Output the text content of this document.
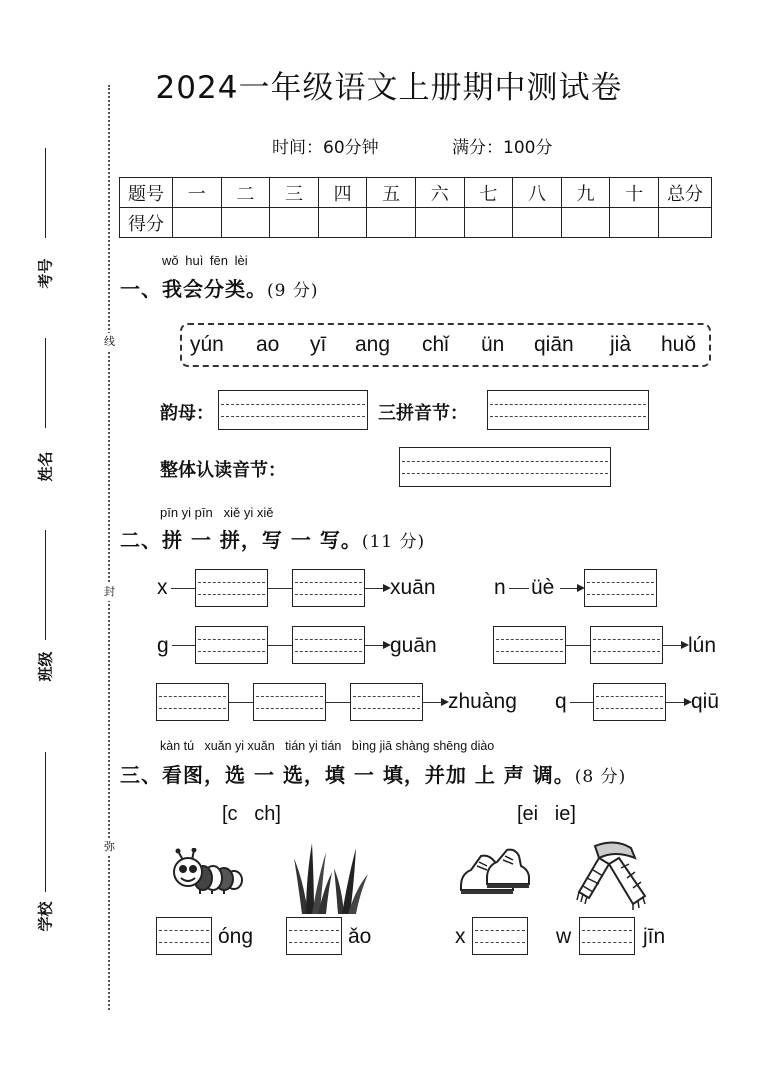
线
封
弥
考号
姓名
班级
学校
2024一年级语文上册期中测试卷
时间：60分钟	满分：100分
题号	一	二	三	四	五	六	七	八	九	十	总分
得分											
wǒ huì fēn lèi
一、我会分类。(9 分)
yún ao yī ang chǐ ün qiān jià huǒ
韵母：	三拼音节：
整体认读音节：
pīn yi pīn   xiě yi xiě
二、拼 一 拼，写 一 写。(11 分)
x	xuān	n üè
g	guān	lún
zhuàng q	qiū
kàn tú   xuǎn yi xuǎn   tián yi tián   bìng jiā shàng shēng diào
三、看图，选 一 选，填 一 填，并加 上 声 调。(8 分)
[c   ch]	[ei   ie]
óng	ǎo	x	w	jīn
